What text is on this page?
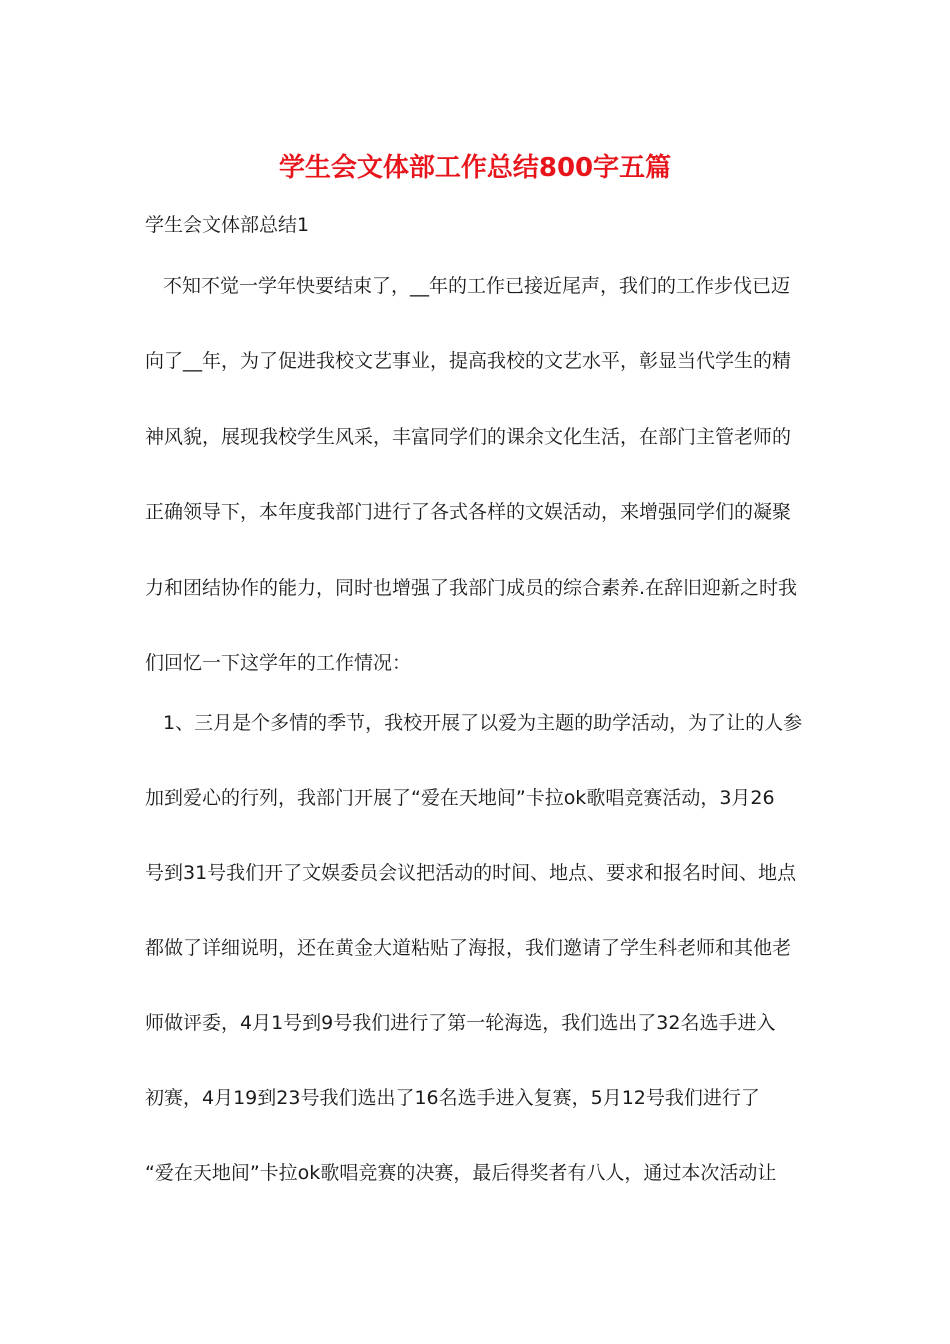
学生会文体部工作总结800字五篇

学生会文体部总结1

不知不觉一学年快要结束了，__年的工作已接近尾声，我们的工作步伐已迈

向了__年，为了促进我校文艺事业，提高我校的文艺水平，彰显当代学生的精

神风貌，展现我校学生风采，丰富同学们的课余文化生活，在部门主管老师的

正确领导下，本年度我部门进行了各式各样的文娱活动，来增强同学们的凝聚

力和团结协作的能力，同时也增强了我部门成员的综合素养.在辞旧迎新之时我

们回忆一下这学年的工作情况：

1、三月是个多情的季节，我校开展了以爱为主题的助学活动，为了让的人参

加到爱心的行列，我部门开展了“爱在天地间”卡拉ok歌唱竞赛活动，3月26

号到31号我们开了文娱委员会议把活动的时间、地点、要求和报名时间、地点

都做了详细说明，还在黄金大道粘贴了海报，我们邀请了学生科老师和其他老

师做评委，4月1号到9号我们进行了第一轮海选，我们选出了32名选手进入

初赛，4月19到23号我们选出了16名选手进入复赛，5月12号我们进行了

“爱在天地间”卡拉ok歌唱竞赛的决赛，最后得奖者有八人，通过本次活动让
